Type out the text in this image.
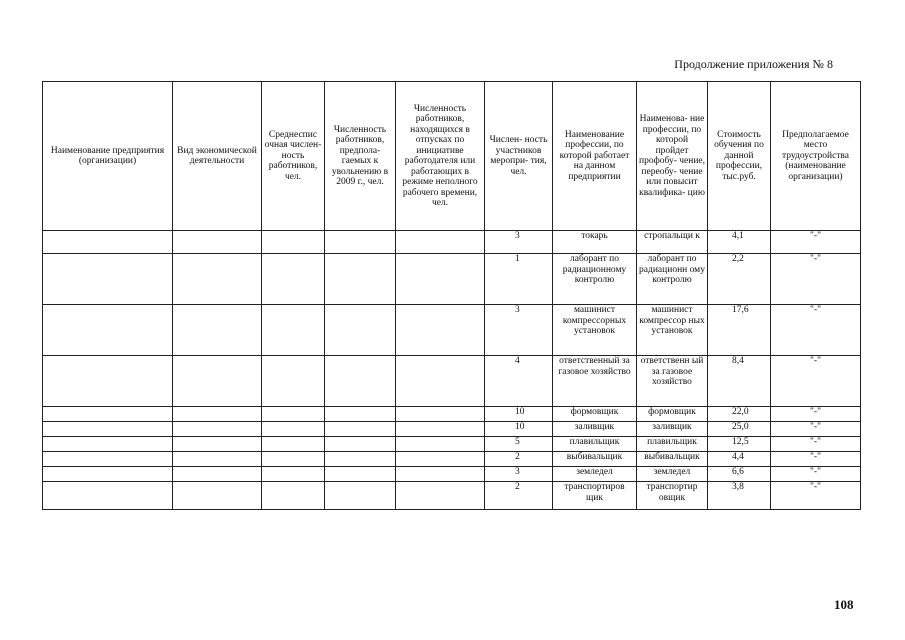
Продолжение приложения № 8
Наименование предприятия (организации)	Вид экономической деятельности	Среднеспис очная числен- ность работников, чел.	Численность работников, предпола- гаемых к увольнению в 2009 г., чел.	Численность работников, находящихся в отпусках по инициативе работодателя или работающих в режиме неполного рабочего времени, чел.	Числен- ность участников меропри- тия, чел.	Наименование профессии, по которой работает на данном предприятии	Наименова- ние профессии, по которой пройдет профобу- чение, переобу- чение или повысит квалифика- цию	Стоимость обучения по данной профессии, тыс.руб.	Предполагаемое место трудоустройства (наименование организации)
					3	токарь	стропальщи к	4,1	"-"
					1	лаборант по радиационному контролю	лаборант по радиационн ому контролю	2,2	"-"
					3	машинист компрессорных установок	машинист компрессор ных установок	17,6	"-"
					4	ответственный за газовое хозяйство	ответственн ый за газовое хозяйство	8,4	"-"
					10	формовщик	формовщик	22,0	"-"
					10	заливщик	заливщик	25,0	"-"
					5	плавильщик	плавильщик	12,5	"-"
					2	выбивальщик	выбивальщик	4,4	"-"
					3	земледел	земледел	6,6	"-"
					2	транспортиров щик	транспортир овщик	3,8	"-"
108
